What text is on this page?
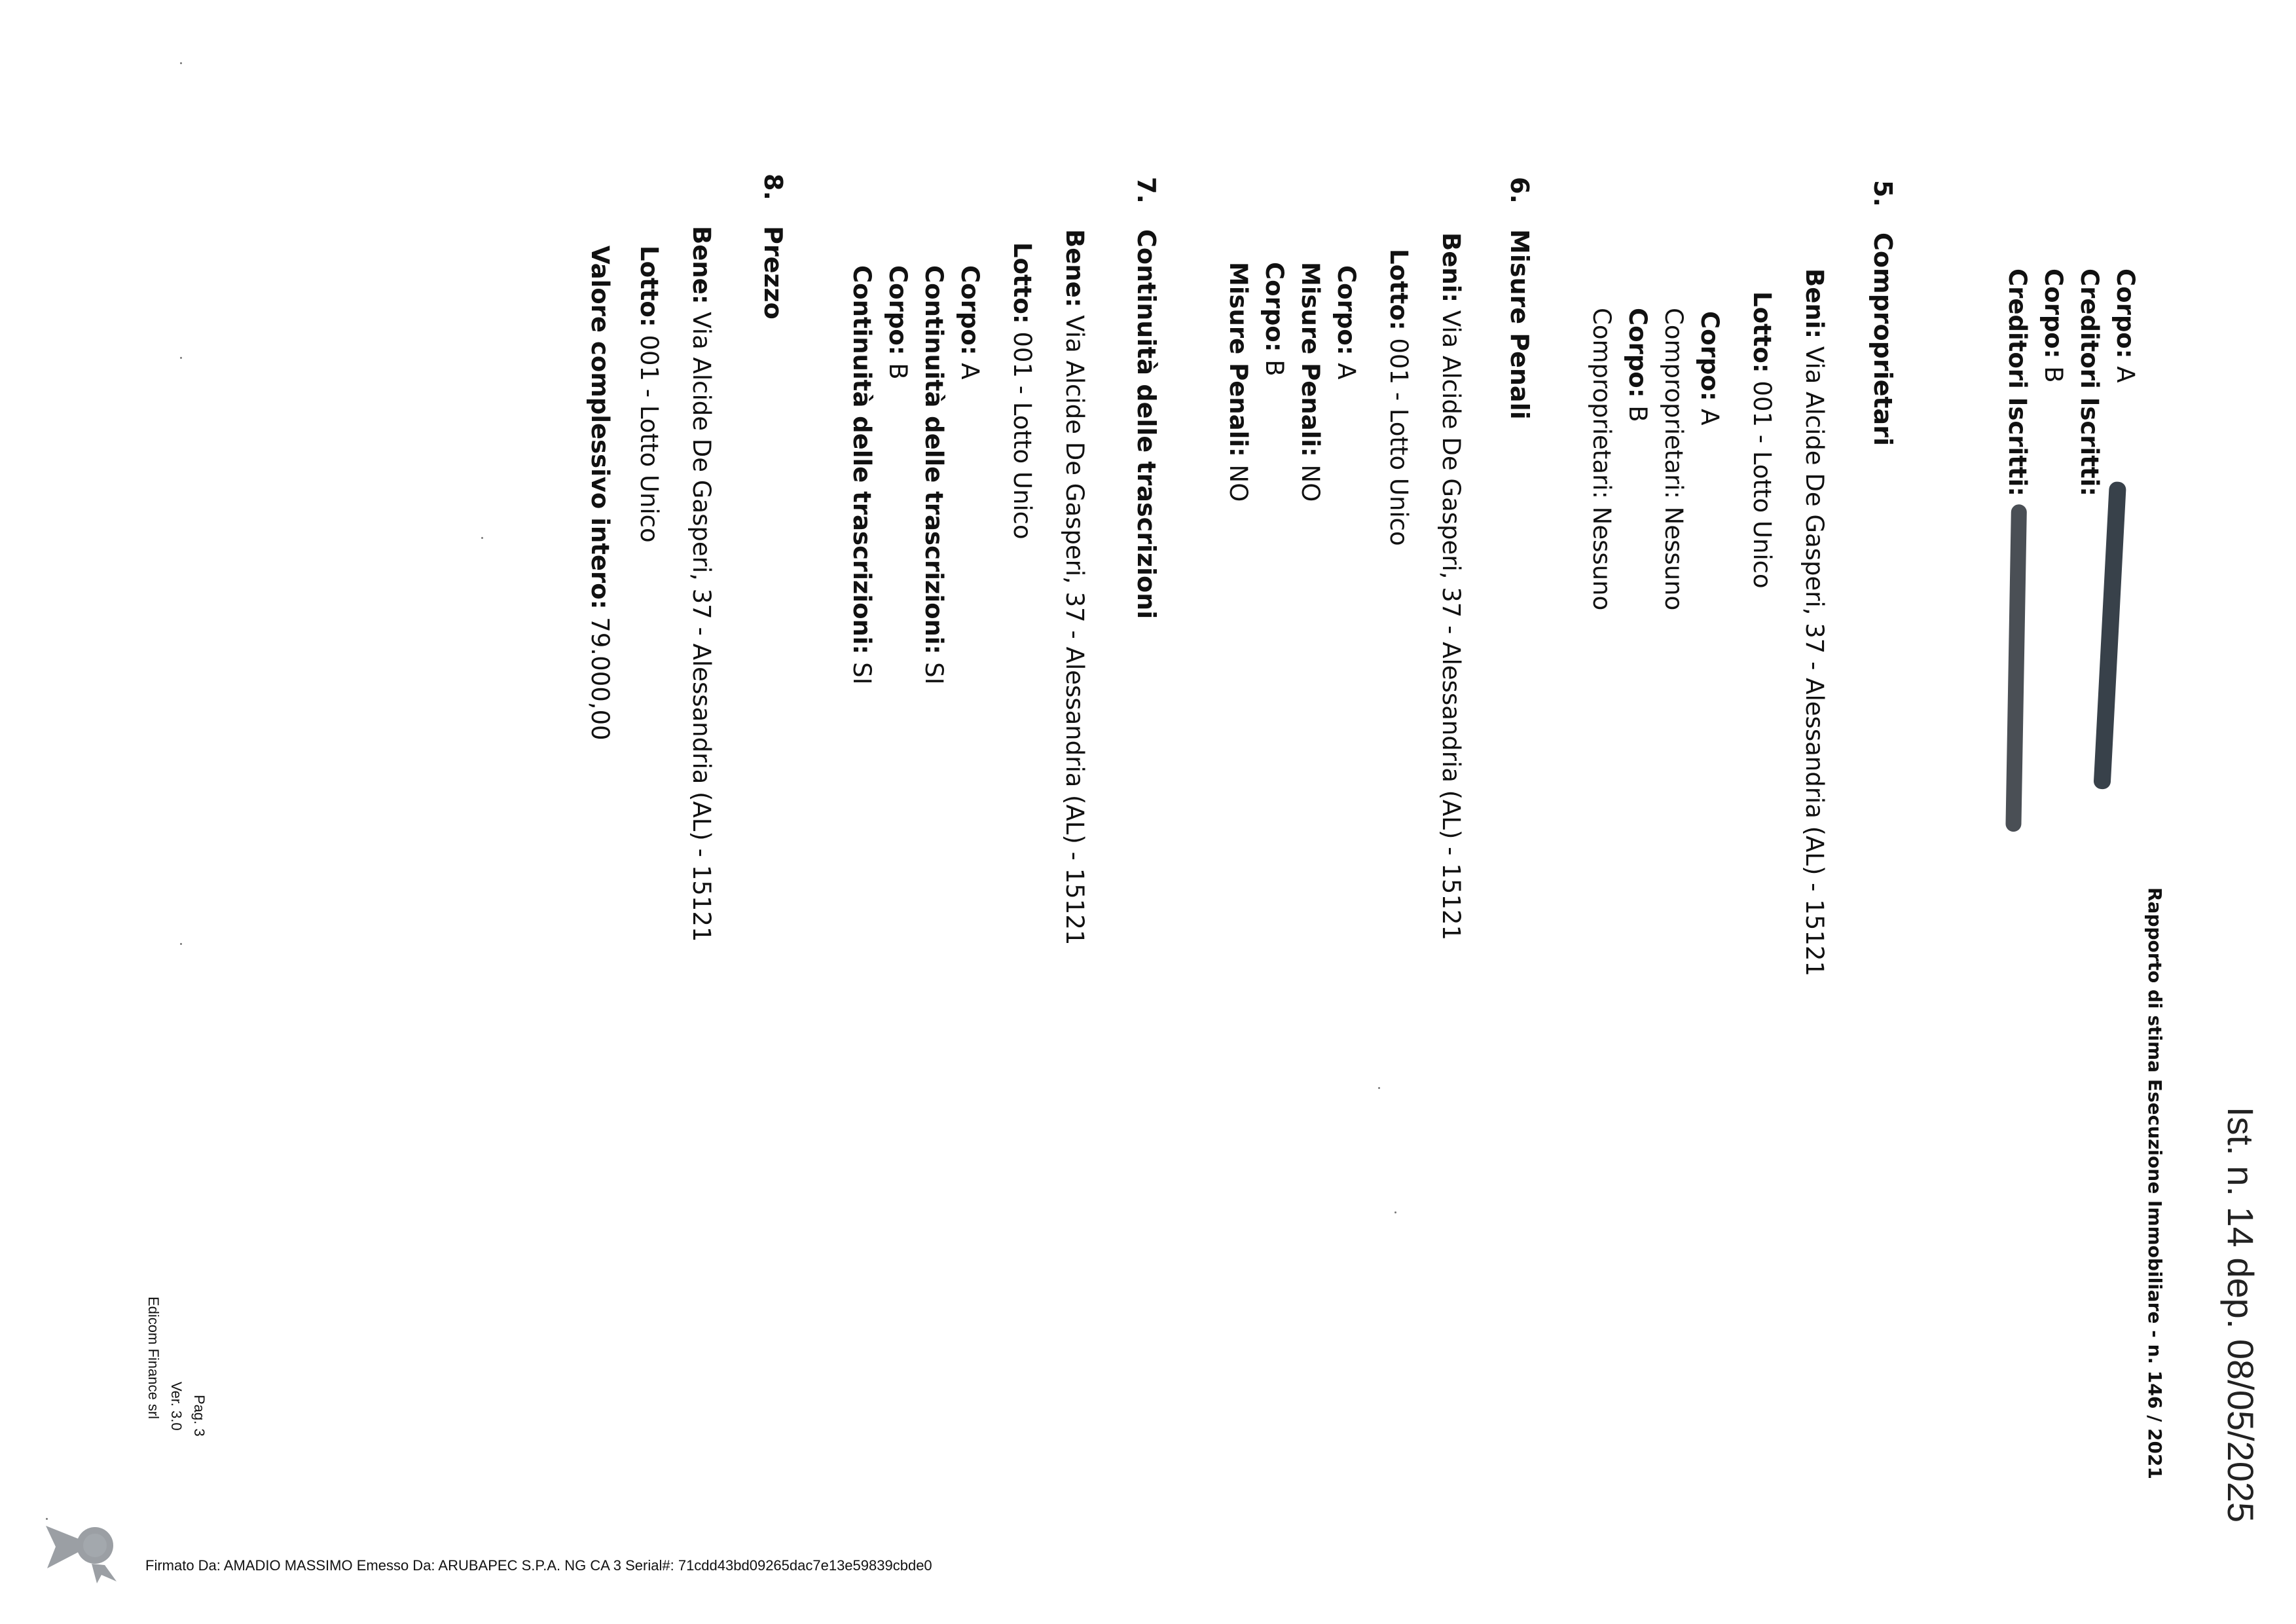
Ist. n. 14 dep. 08/05/2025
Rapporto di stima Esecuzione Immobiliare - n. 146 / 2021
Corpo: A
Creditori Iscritti:
Corpo: B
Creditori Iscritti:
5.
Comproprietari
Beni: Via Alcide De Gasperi, 37 - Alessandria (AL) - 15121
Lotto: 001 - Lotto Unico
Corpo: A
Comproprietari: Nessuno
Corpo: B
Comproprietari: Nessuno
6.
Misure Penali
Beni: Via Alcide De Gasperi, 37 - Alessandria (AL) - 15121
Lotto: 001 - Lotto Unico
Corpo: A
Misure Penali: NO
Corpo: B
Misure Penali: NO
7.
Continuità delle trascrizioni
Bene: Via Alcide De Gasperi, 37 - Alessandria (AL) - 15121
Lotto: 001 - Lotto Unico
Corpo: A
Continuità delle trascrizioni: SI
Corpo: B
Continuità delle trascrizioni: SI
8.
Prezzo
Bene: Via Alcide De Gasperi, 37 - Alessandria (AL) - 15121
Lotto: 001 - Lotto Unico
Valore complessivo intero: 79.000,00
Pag. 3
Ver. 3.0
Edicom Finance srl
Firmato Da: AMADIO MASSIMO Emesso Da: ARUBAPEC S.P.A. NG CA 3 Serial#: 71cdd43bd09265dac7e13e59839cbde0
